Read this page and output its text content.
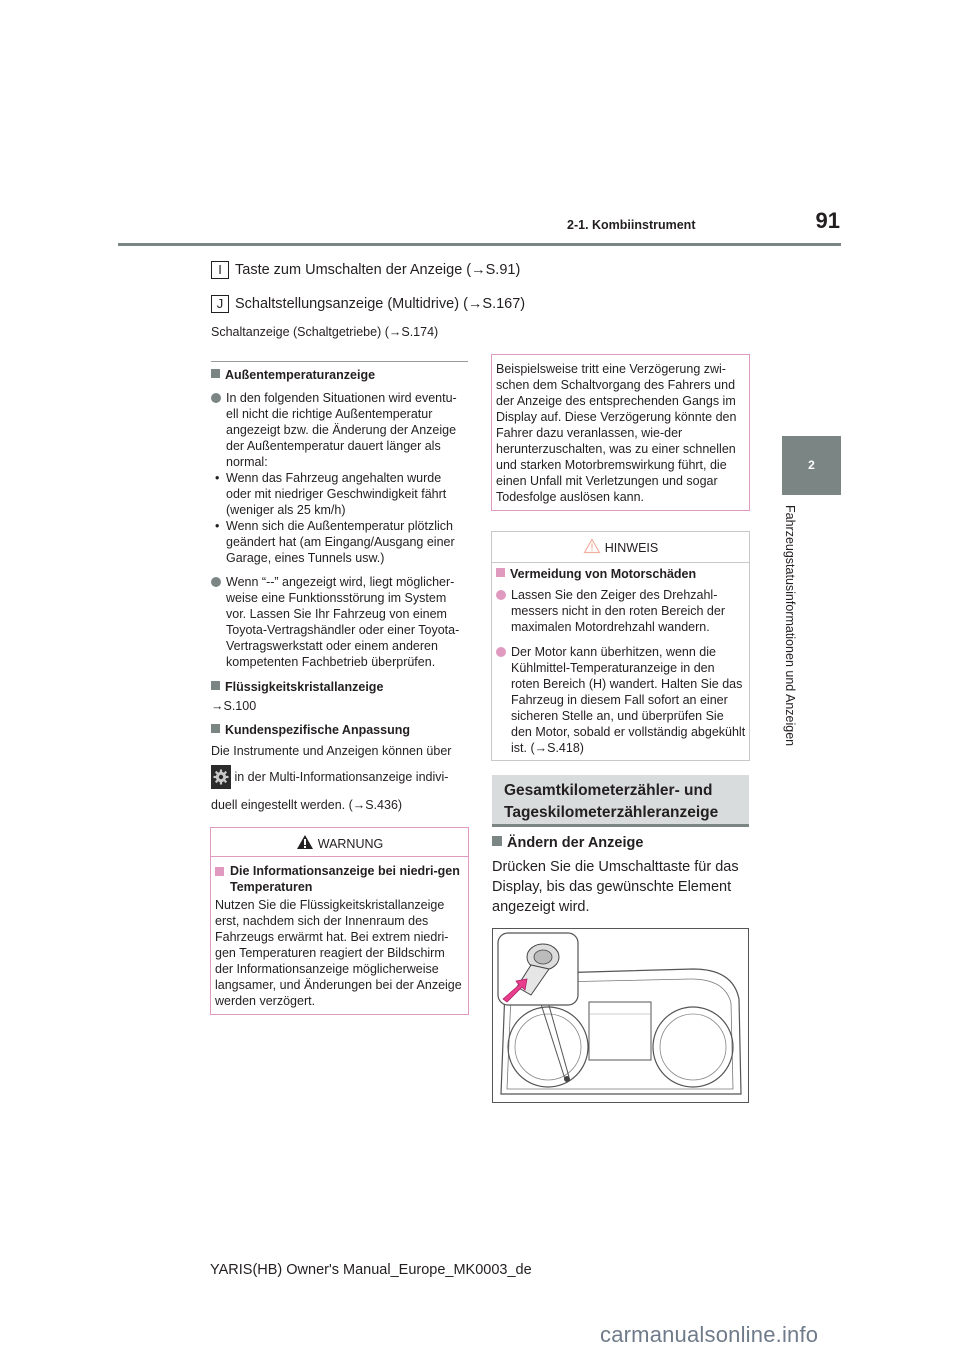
91
2-1. Kombiinstrument
2
Fahrzeugstatusinformationen und Anzeigen
I Taste zum Umschalten der Anzeige (→S.91)
J Schaltstellungsanzeige (Multidrive) (→S.167)
Schaltanzeige (Schaltgetriebe) (→S.174)
Außentemperaturanzeige
In den folgenden Situationen wird eventu-ell nicht die richtige Außentemperatur angezeigt bzw. die Änderung der Anzeige der Außentemperatur dauert länger als normal:
• Wenn das Fahrzeug angehalten wurde oder mit niedriger Geschwindigkeit fährt (weniger als 25 km/h)
• Wenn sich die Außentemperatur plötzlich geändert hat (am Eingang/Ausgang einer Garage, eines Tunnels usw.)
Wenn “--” angezeigt wird, liegt möglicher-weise eine Funktionsstörung im System vor. Lassen Sie Ihr Fahrzeug von einem Toyota-Vertragshändler oder einer Toyota-Vertragswerkstatt oder einem anderen kompetenten Fachbetrieb überprüfen.
Flüssigkeitskristallanzeige
→S.100
Kundenspezifische Anpassung
Die Instrumente und Anzeigen können über
in der Multi-Informationsanzeige indivi-
duell eingestellt werden. (→S.436)
WARNUNG
Die Informationsanzeige bei niedri-gen Temperaturen
Nutzen Sie die Flüssigkeitskristallanzeige erst, nachdem sich der Innenraum des Fahrzeugs erwärmt hat. Bei extrem niedri-gen Temperaturen reagiert der Bildschirm der Informationsanzeige möglicherweise langsamer, und Änderungen bei der Anzeige werden verzögert.
Beispielsweise tritt eine Verzögerung zwi-schen dem Schaltvorgang des Fahrers und der Anzeige des entsprechenden Gangs im Display auf. Diese Verzögerung könnte den Fahrer dazu veranlassen, wie-der herunterzuschalten, was zu einer schnellen und starken Motorbremswirkung führt, die einen Unfall mit Verletzungen und sogar Todesfolge auslösen kann.
HINWEIS
Vermeidung von Motorschäden
Lassen Sie den Zeiger des Drehzahl-messers nicht in den roten Bereich der maximalen Motordrehzahl wandern.
Der Motor kann überhitzen, wenn die Kühlmittel-Temperaturanzeige in den roten Bereich (H) wandert. Halten Sie das Fahrzeug in diesem Fall sofort an einer sicheren Stelle an, und überprüfen Sie den Motor, sobald er vollständig abgekühlt ist. (→S.418)
Gesamtkilometerzähler- und
Tageskilometerzähleranzeige
Ändern der Anzeige
Drücken Sie die Umschalttaste für das Display, bis das gewünschte Element angezeigt wird.
YARIS(HB) Owner's Manual_Europe_MK0003_de
carmanualsonline.info
